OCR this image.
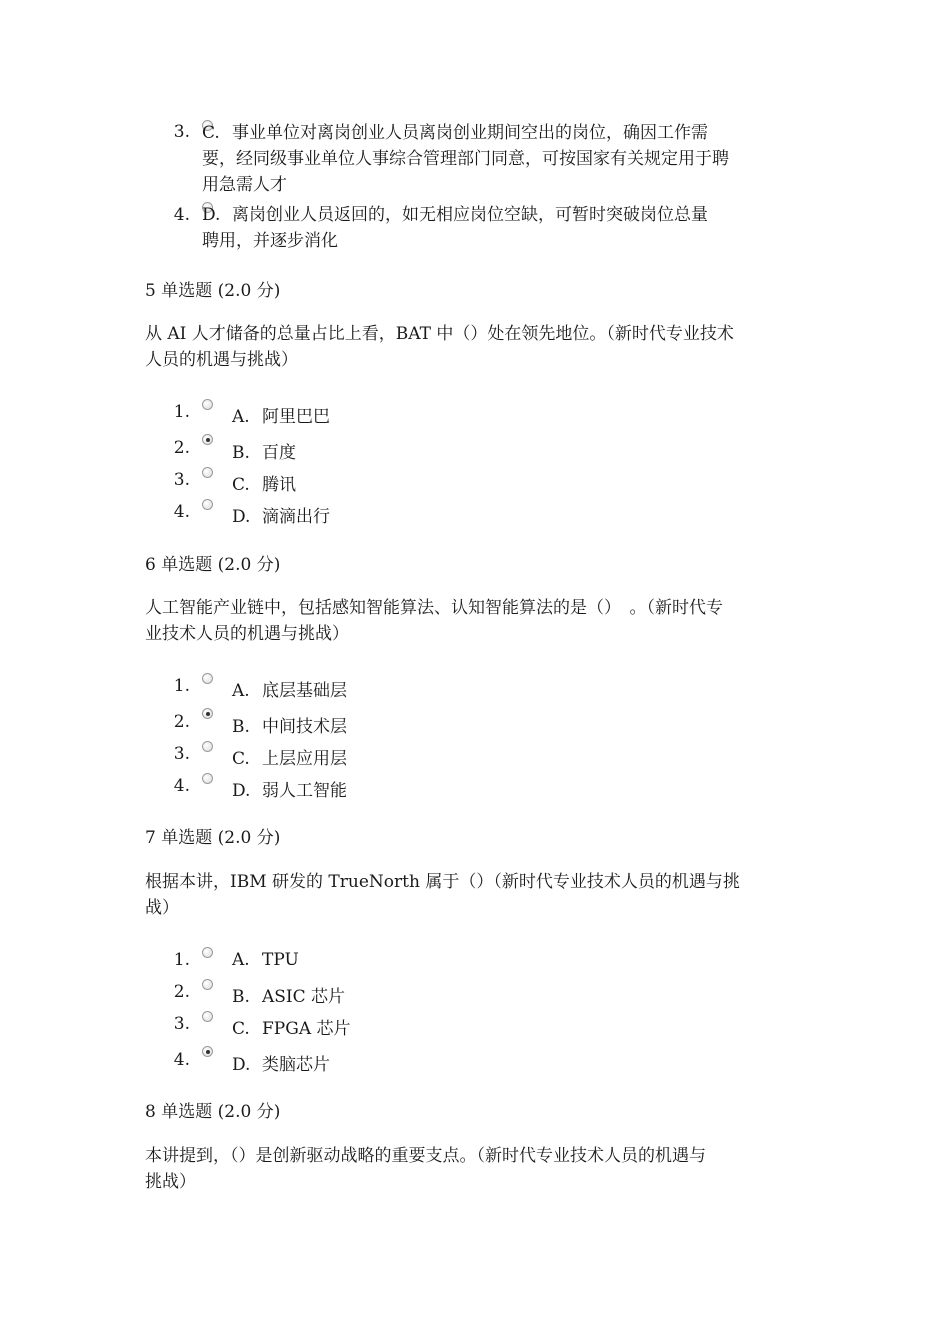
3. C. 事业单位对离岗创业人员离岗创业期间空出的岗位，确因工作需
要，经同级事业单位人事综合管理部门同意，可按国家有关规定用于聘
用急需人才
4. D. 离岗创业人员返回的，如无相应岗位空缺，可暂时突破岗位总量
聘用，并逐步消化
5 单选题 (2.0 分)
从 AI 人才储备的总量占比上看，BAT 中（）处在领先地位。（新时代专业技术
人员的机遇与挑战）
1. A. 阿里巴巴
2. B. 百度
3. C. 腾讯
4. D. 滴滴出行
6 单选题 (2.0 分)
人工智能产业链中，包括感知智能算法、认知智能算法的是（）　。（新时代专
业技术人员的机遇与挑战）
1. A. 底层基础层
2. B. 中间技术层
3. C. 上层应用层
4. D. 弱人工智能
7 单选题 (2.0 分)
根据本讲，IBM 研发的 TrueNorth 属于（）（新时代专业技术人员的机遇与挑
战）
1. A. TPU
2. B. ASIC 芯片
3. C. FPGA 芯片
4. D. 类脑芯片
8 单选题 (2.0 分)
本讲提到，（）是创新驱动战略的重要支点。（新时代专业技术人员的机遇与
挑战）
